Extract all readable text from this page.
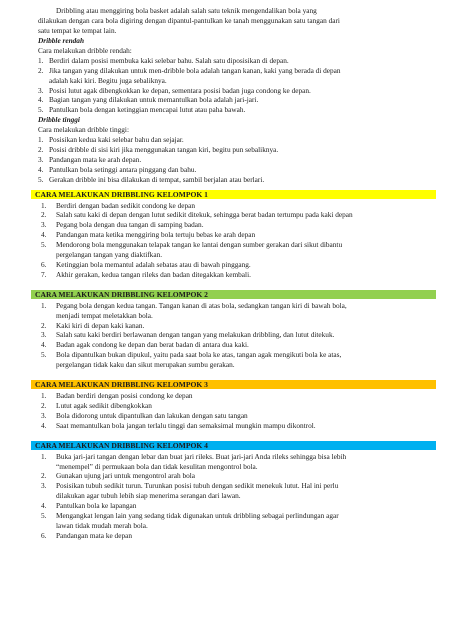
Dribbling atau menggiring bola basket adalah salah satu teknik mengendalikan bola yang
dilakukan dengan cara bola digiring dengan dipantul-pantulkan ke tanah menggunakan satu tangan dari
satu tempat ke tempat lain.
Dribble rendah
Cara melakukan dribble rendah:
1. Berdiri dalam posisi membuka kaki selebar bahu. Salah satu diposisikan di depan.
2. Jika tangan yang dilakukan untuk men-dribble bola adalah tangan kanan, kaki yang berada di depan
adalah kaki kiri. Begitu juga sebaliknya.
3. Posisi lutut agak dibengkokkan ke depan, sementara posisi badan juga condong ke depan.
4. Bagian tangan yang dilakukan untuk memantulkan bola adalah jari-jari.
5. Pantulkan bola dengan ketinggian mencapai lutut atau paha bawah.
Dribble tinggi
Cara melakukan dribble tinggi:
1. Posisikan kedua kaki selebar bahu dan sejajar.
2. Posisi dribble di sisi kiri jika menggunakan tangan kiri, begitu pun sebaliknya.
3. Pandangan mata ke arah depan.
4. Pantulkan bola setinggi antara pinggang dan bahu.
5. Gerakan dribble ini bisa dilakukan di tempat, sambil berjalan atau berlari.
CARA MELAKUKAN DRIBBLING KELOMPOK 1
1. Berdiri dengan badan sedikit condong ke depan
2. Salah satu kaki di depan dengan lutut sedikit ditekuk, sehingga berat badan tertumpu pada kaki depan
3. Pegang bola dengan dua tangan di samping badan.
4. Pandangan mata ketika menggiring bola tertuju bebas ke arah depan
5. Mendorong bola menggunakan telapak tangan ke lantai dengan sumber gerakan dari sikut dibantu
pergelangan tangan yang diaktifkan.
6. Ketinggian bola memantul adalah sebatas atau di bawah pinggang.
7. Akhir gerakan, kedua tangan rileks dan badan ditegakkan kembali.
CARA MELAKUKAN DRIBBLING KELOMPOK 2
1. Pegang bola dengan kedua tangan. Tangan kanan di atas bola, sedangkan tangan kiri di bawah bola,
menjadi tempat meletakkan bola.
2. Kaki kiri di depan kaki kanan.
3. Salah satu kaki berdiri berlawanan dengan tangan yang melakukan dribbling, dan lutut ditekuk.
4. Badan agak condong ke depan dan berat badan di antara dua kaki.
5. Bola dipantulkan bukan dipukul, yaitu pada saat bola ke atas, tangan agak mengikuti bola ke atas,
pergelangan tidak kaku dan sikut merupakan sumbu gerakan.
CARA MELAKUKAN DRIBBLING KELOMPOK 3
1. Badan berdiri dengan posisi condong ke depan
2. Lutut agak sedikit dibengkokkan
3. Bola didorong untuk dipantulkan dan lakukan dengan satu tangan
4. Saat memantulkan bola jangan terlalu tinggi dan semaksimal mungkin mampu dikontrol.
CARA MELAKUKAN DRIBBLING KELOMPOK 4
1. Buka jari-jari tangan dengan lebar dan buat jari rileks. Buat jari-jari Anda rileks sehingga bisa lebih
“menempel” di permukaan bola dan tidak kesulitan mengontrol bola.
2. Gunakan ujung jari untuk mengontrol arah bola
3. Posisikan tubuh sedikit turun. Turunkan posisi tubuh dengan sedikit menekuk lutut. Hal ini perlu
dilakukan agar tubuh lebih siap menerima serangan dari lawan.
4. Pantulkan bola ke lapangan
5. Mengangkat lengan lain yang sedang tidak digunakan untuk dribbling sebagai perlindungan agar
lawan tidak mudah merah bola.
6. Pandangan mata ke depan
